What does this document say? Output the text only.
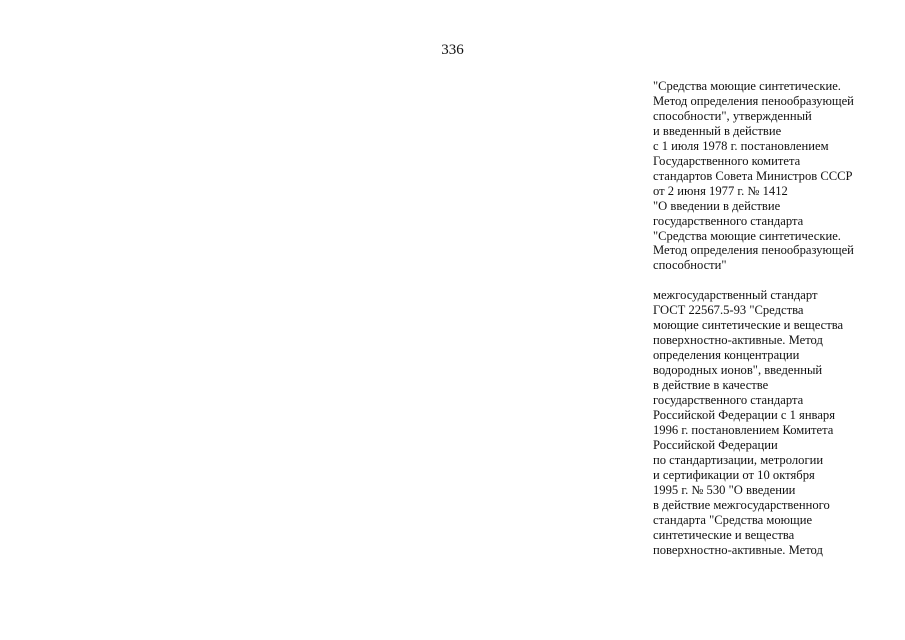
336
"Средства моющие синтетические.
Метод определения пенообразующей
способности", утвержденный
и введенный в действие
с 1 июля 1978 г. постановлением
Государственного комитета
стандартов Совета Министров СССР
от 2 июня 1977 г. № 1412
"О введении в действие
государственного стандарта
"Средства моющие синтетические.
Метод определения пенообразующей
способности"
межгосударственный стандарт
ГОСТ 22567.5-93 "Средства
моющие синтетические и вещества
поверхностно-активные. Метод
определения концентрации
водородных ионов", введенный
в действие в качестве
государственного стандарта
Российской Федерации с 1 января
1996 г. постановлением Комитета
Российской Федерации
по стандартизации, метрологии
и сертификации от 10 октября
1995 г. № 530 "О введении
в действие межгосударственного
стандарта "Средства моющие
синтетические и вещества
поверхностно-активные. Метод
